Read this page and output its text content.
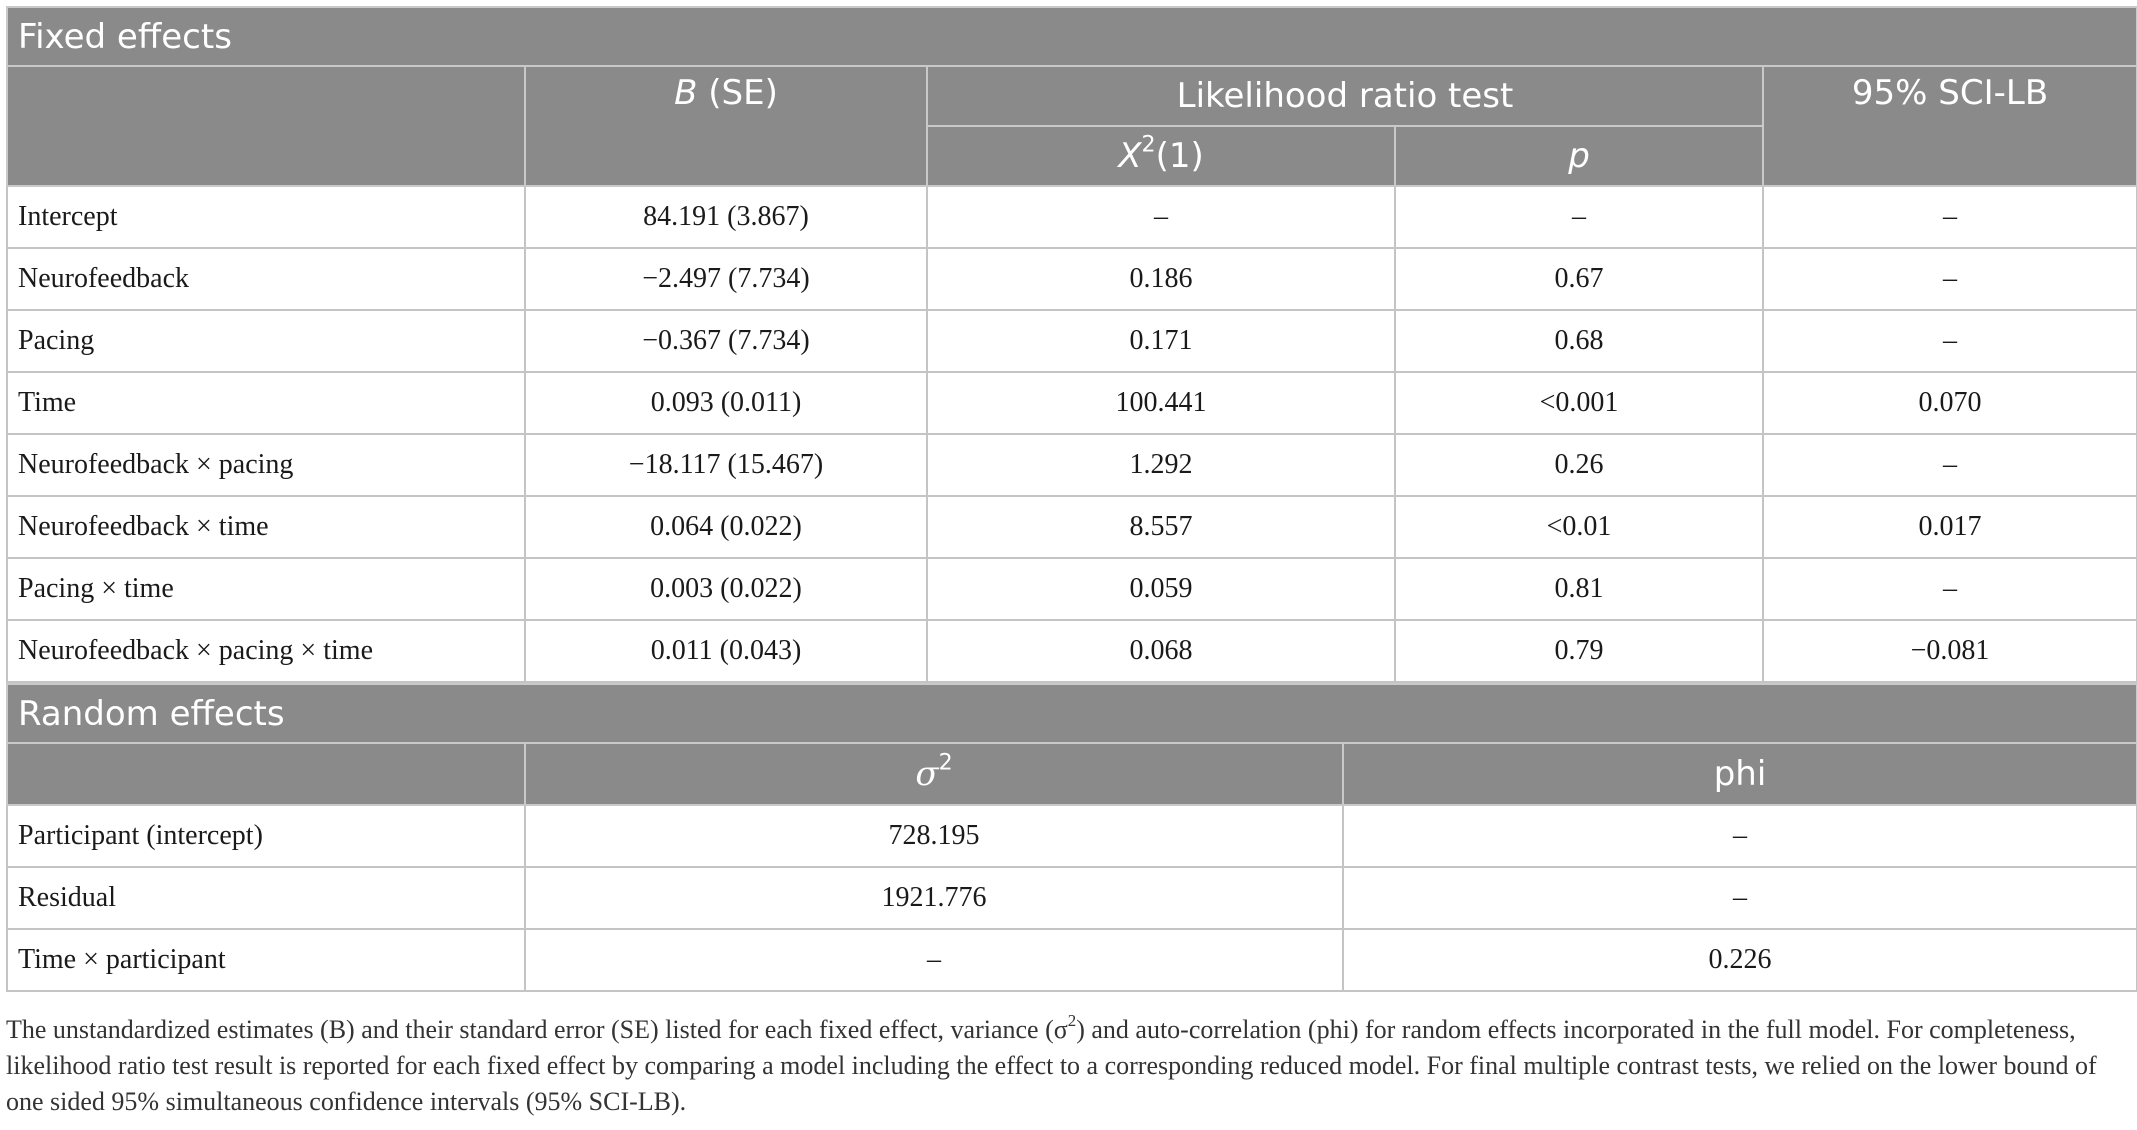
Fixed effects				
	B (SE)	Likelihood ratio test		95% SCI-LB
		$X^2(1)$	p	
Intercept	84.191 (3.867)	–	–	–
Neurofeedback	−2.497 (7.734)	0.186	0.67	–
Pacing	−0.367 (7.734)	0.171	0.68	–
Time	0.093 (0.011)	100.441	<0.001	0.070
Neurofeedback × pacing	−18.117 (15.467)	1.292	0.26	–
Neurofeedback × time	0.064 (0.022)	8.557	<0.01	0.017
Pacing × time	0.003 (0.022)	0.059	0.81	–
Neurofeedback × pacing × time	0.011 (0.043)	0.068	0.79	−0.081
Random effects		
	$\sigma^2$	phi
Participant (intercept)	728.195	–
Residual	1921.776	–
Time × participant	–	0.226
The unstandardized estimates (B) and their standard error (SE) listed for each fixed effect, variance $(\sigma^2)$ and auto-correlation (phi) for random effects incorporated in the full model. For completeness, likelihood ratio test result is reported for each fixed effect by comparing a model including the effect to a corresponding reduced model. For final multiple contrast tests, we relied on the lower bound of one sided 95% simultaneous confidence intervals (95% SCI-LB).
